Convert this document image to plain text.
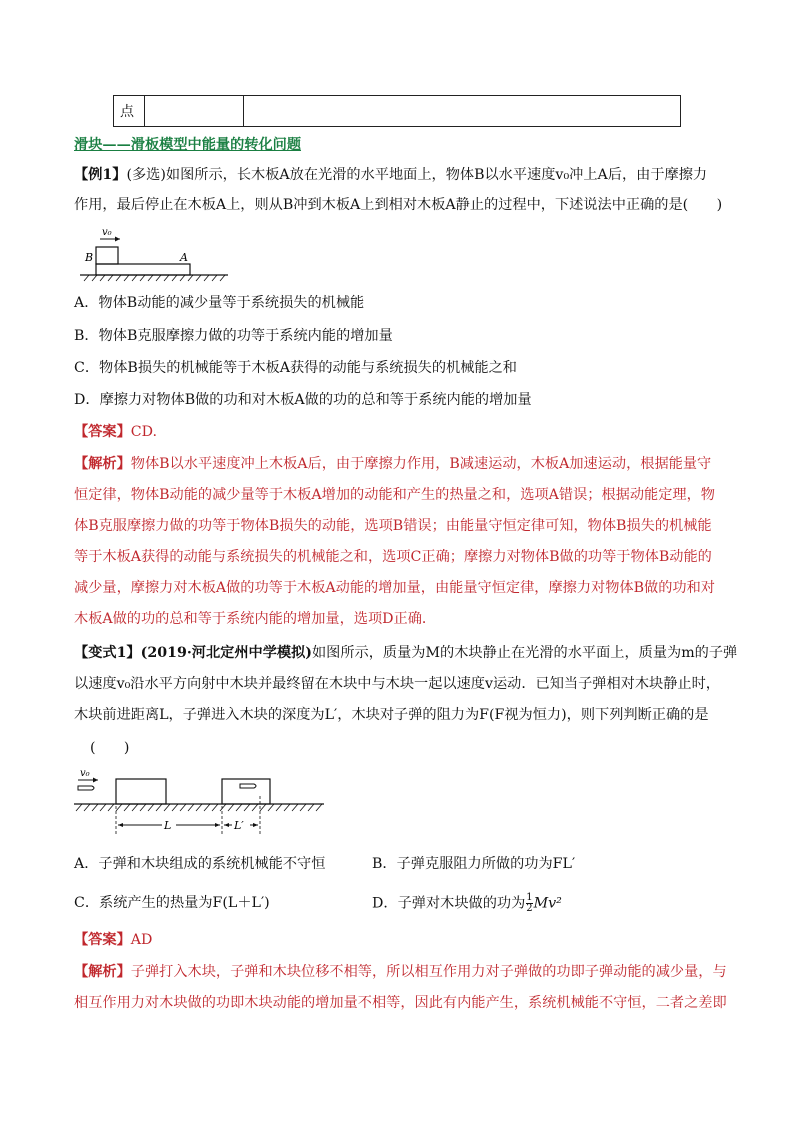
点		
滑块——滑板模型中能量的转化问题
【例1】(多选)如图所示，长木板A放在光滑的水平地面上，物体B以水平速度v₀冲上A后，由于摩擦力
作用，最后停止在木板A上，则从B冲到木板A上到相对木板A静止的过程中，下述说法中正确的是(　　)
v₀
B	A
A．物体B动能的减少量等于系统损失的机械能
B．物体B克服摩擦力做的功等于系统内能的增加量
C．物体B损失的机械能等于木板A获得的动能与系统损失的机械能之和
D．摩擦力对物体B做的功和对木板A做的功的总和等于系统内能的增加量
【答案】CD.
【解析】物体B以水平速度冲上木板A后，由于摩擦力作用，B减速运动，木板A加速运动，根据能量守
恒定律，物体B动能的减少量等于木板A增加的动能和产生的热量之和，选项A错误；根据动能定理，物
体B克服摩擦力做的功等于物体B损失的动能，选项B错误；由能量守恒定律可知，物体B损失的机械能
等于木板A获得的动能与系统损失的机械能之和，选项C正确；摩擦力对物体B做的功等于物体B动能的
减少量，摩擦力对木板A做的功等于木板A动能的增加量，由能量守恒定律，摩擦力对物体B做的功和对
木板A做的功的总和等于系统内能的增加量，选项D正确．
【变式1】(2019·河北定州中学模拟)如图所示，质量为M的木块静止在光滑的水平面上，质量为m的子弹
以速度v₀沿水平方向射中木块并最终留在木块中与木块一起以速度v运动．已知当子弹相对木块静止时，
木块前进距离L，子弹进入木块的深度为L′，木块对子弹的阻力为F(F视为恒力)，则下列判断正确的是
(　　)
v₀
L	L′
A．子弹和木块组成的系统机械能不守恒	B．子弹克服阻力所做的功为FL′
C．系统产生的热量为F(L＋L′)	D．子弹对木块做的功为 $\frac{1}{2} Mv^2$
【答案】AD
【解析】子弹打入木块，子弹和木块位移不相等，所以相互作用力对子弹做的功即子弹动能的减少量，与
相互作用力对木块做的功即木块动能的增加量不相等，因此有内能产生，系统机械能不守恒，二者之差即
